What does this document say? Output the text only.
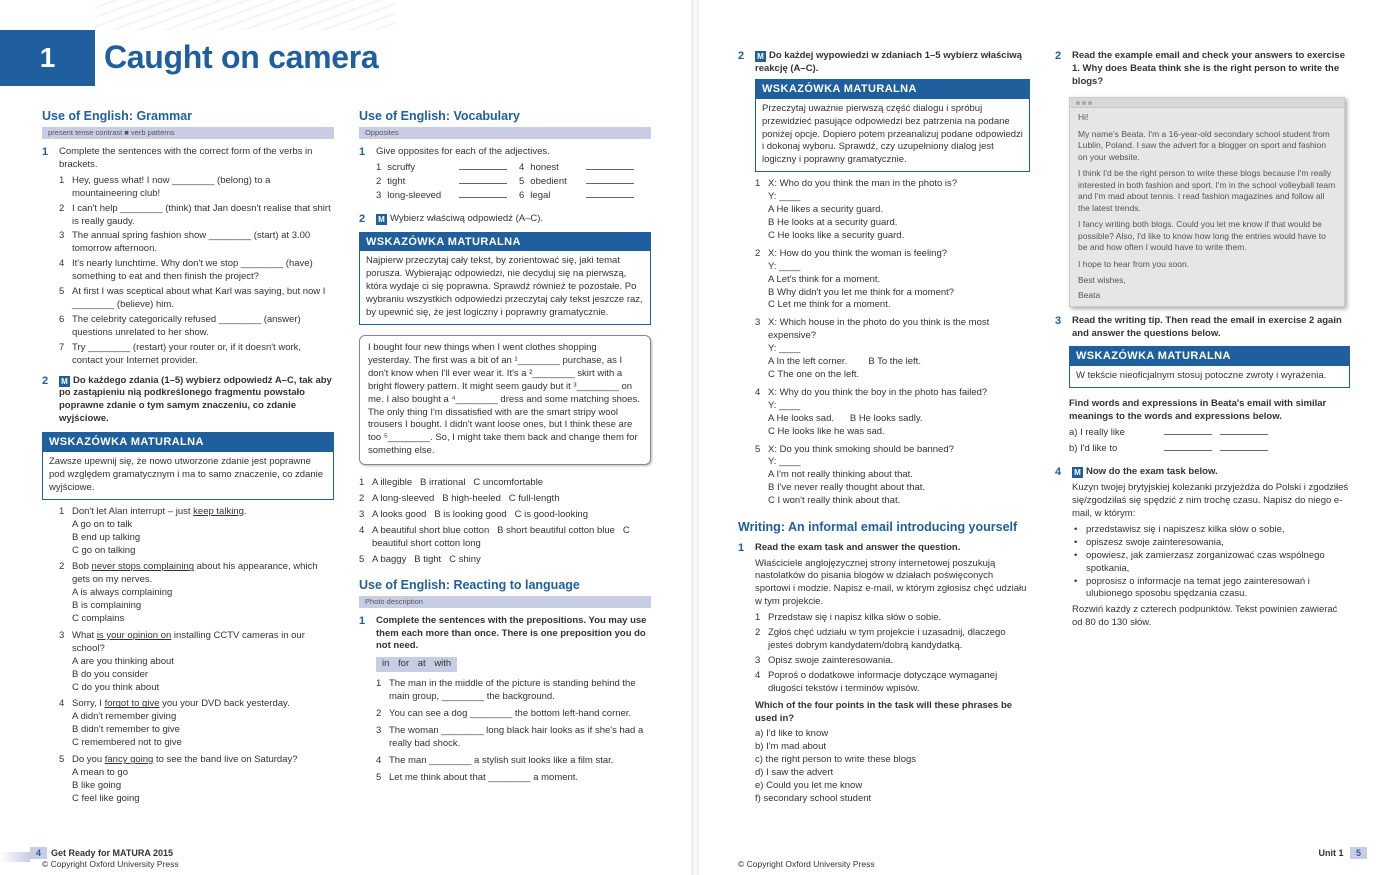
1	Caught on camera
Use of English: Grammar
present tense contrast ■ verb patterns
1 Complete the sentences with the correct form of the verbs in brackets.
1 Hey, guess what! I now ________ (belong) to a mountaineering club!
2 I can't help ________ (think) that Jan doesn't realise that shirt is really gaudy.
3 The annual spring fashion show ________ (start) at 3.00 tomorrow afternoon.
4 It's nearly lunchtime. Why don't we stop ________ (have) something to eat and then finish the project?
5 At first I was sceptical about what Karl was saying, but now I ________ (believe) him.
6 The celebrity categorically refused ________ (answer) questions unrelated to her show.
7 Try ________ (restart) your router or, if it doesn't work, contact your Internet provider.
2 M Do każdego zdania (1–5) wybierz odpowiedź A–C, tak aby po zastąpieniu nią podkreślonego fragmentu powstało poprawne zdanie o tym samym znaczeniu, co zdanie wyjściowe.
WSKAZÓWKA MATURALNA
Zawsze upewnij się, że nowo utworzone zdanie jest poprawne pod względem gramatycznym i ma to samo znaczenie, co zdanie wyjściowe.
1 Don't let Alan interrupt – just keep talking.
A go on to talk
B end up talking
C go on talking
2 Bob never stops complaining about his appearance, which gets on my nerves.
A is always complaining
B is complaining
C complains
3 What is your opinion on installing CCTV cameras in our school?
A are you thinking about
B do you consider
C do you think about
4 Sorry, I forgot to give you your DVD back yesterday.
A didn't remember giving
B didn't remember to give
C remembered not to give
5 Do you fancy going to see the band live on Saturday?
A mean to go
B like going
C feel like going
Use of English: Vocabulary
Opposites
1 Give opposites for each of the adjectives.
1 scruffy	4 honest
2 tight	5 obedient
3 long-sleeved	6 legal
2 M Wybierz właściwą odpowiedź (A–C).
WSKAZÓWKA MATURALNA
Najpierw przeczytaj cały tekst, by zorientować się, jaki temat porusza. Wybierając odpowiedzi, nie decyduj się na pierwszą, która wydaje ci się poprawna. Sprawdź również te pozostałe. Po wybraniu wszystkich odpowiedzi przeczytaj cały tekst jeszcze raz, by upewnić się, że jest logiczny i poprawny gramatycznie.
I bought four new things when I went clothes shopping yesterday. The first was a bit of an ¹________ purchase, as I don't know when I'll ever wear it. It's a ²________ skirt with a bright flowery pattern. It might seem gaudy but it ³________ on me. I also bought a ⁴________ dress and some matching shoes. The only thing I'm dissatisfied with are the smart stripy wool trousers I bought. I didn't want loose ones, but I think these are too ⁵________. So, I might take them back and change them for something else.
1 A illegible   B irrational   C uncomfortable
2 A long-sleeved   B high-heeled   C full-length
3 A looks good   B is looking good   C is good-looking
4 A beautiful short blue cotton   B short beautiful cotton blue   C beautiful short cotton long
5 A baggy   B tight   C shiny
Use of English: Reacting to language
Photo description
1 Complete the sentences with the prepositions. You may use them each more than once. There is one preposition you do not need.
in for at with
1 The man in the middle of the picture is standing behind the main group, ________ the background.
2 You can see a dog ________ the bottom left-hand corner.
3 The woman ________ long black hair looks as if she's had a really bad shock.
4 The man ________ a stylish suit looks like a film star.
5 Let me think about that ________ a moment.
4 Get Ready for MATURA 2015
© Copyright Oxford University Press
2 M Do każdej wypowiedzi w zdaniach 1–5 wybierz właściwą reakcję (A–C).
WSKAZÓWKA MATURALNA
Przeczytaj uważnie pierwszą część dialogu i spróbuj przewidzieć pasujące odpowiedzi bez patrzenia na podane poniżej opcje. Dopiero potem przeanalizuj podane odpowiedzi i dokonaj wyboru. Sprawdź, czy uzupełniony dialog jest logiczny i poprawny gramatycznie.
1 X: Who do you think the man in the photo is?
Y: ____
A He likes a security guard.
B He looks at a security guard.
C He looks like a security guard.
2 X: How do you think the woman is feeling?
Y: ____
A Let's think for a moment.
B Why didn't you let me think for a moment?
C Let me think for a moment.
3 X: Which house in the photo do you think is the most expensive?
Y: ____
A In the left corner.        B To the left.
C The one on the left.
4 X: Why do you think the boy in the photo has failed?
Y: ____
A He looks sad.      B He looks sadly.
C He looks like he was sad.
5 X: Do you think smoking should be banned?
Y: ____
A I'm not really thinking about that.
B I've never really thought about that.
C I won't really think about that.
Writing: An informal email introducing yourself
1 Read the exam task and answer the question.
Właściciele anglojęzycznej strony internetowej poszukują nastolatków do pisania blogów w działach poświęconych sportowi i modzie. Napisz e-mail, w którym zgłosisz chęć udziału w tym projekcie.
1 Przedstaw się i napisz kilka słów o sobie.
2 Zgłoś chęć udziału w tym projekcie i uzasadnij, dlaczego jesteś dobrym kandydatem/dobrą kandydatką.
3 Opisz swoje zainteresowania.
4 Poproś o dodatkowe informacje dotyczące wymaganej długości tekstów i terminów wpisów.
Which of the four points in the task will these phrases be used in?
a) I'd like to know
b) I'm mad about
c) the right person to write these blogs
d) I saw the advert
e) Could you let me know
f) secondary school student
2 Read the example email and check your answers to exercise 1. Why does Beata think she is the right person to write the blogs?

Hi!

My name's Beata. I'm a 16-year-old secondary school student from Lublin, Poland. I saw the advert for a blogger on sport and fashion on your website.

I think I'd be the right person to write these blogs because I'm really interested in both fashion and sport. I'm in the school volleyball team and I'm mad about tennis. I read fashion magazines and follow all the latest trends.

I fancy writing both blogs. Could you let me know if that would be possible? Also, I'd like to know how long the entries would have to be and how often I would have to write them.

I hope to hear from you soon.

Best wishes,

Beata

3 Read the writing tip. Then read the email in exercise 2 again and answer the questions below.
WSKAZÓWKA MATURALNA
W tekście nieoficjalnym stosuj potoczne zwroty i wyrażenia.
Find words and expressions in Beata's email with similar meanings to the words and expressions below.
a) I really like
b) I'd like to
4 M Now do the exam task below.
Kuzyn twojej brytyjskiej koleżanki przyjeżdża do Polski i zgodziłeś się/zgodziłaś się spędzić z nim trochę czasu. Napisz do niego e-mail, w którym:
• przedstawisz się i napiszesz kilka słów o sobie,
• opiszesz swoje zainteresowania,
• opowiesz, jak zamierzasz zorganizować czas wspólnego spotkania,
• poprosisz o informacje na temat jego zainteresowań i ulubionego sposobu spędzania czasu.
Rozwiń każdy z czterech podpunktów. Tekst powinien zawierać od 80 do 130 słów.
© Copyright Oxford University Press
Unit 1 5
